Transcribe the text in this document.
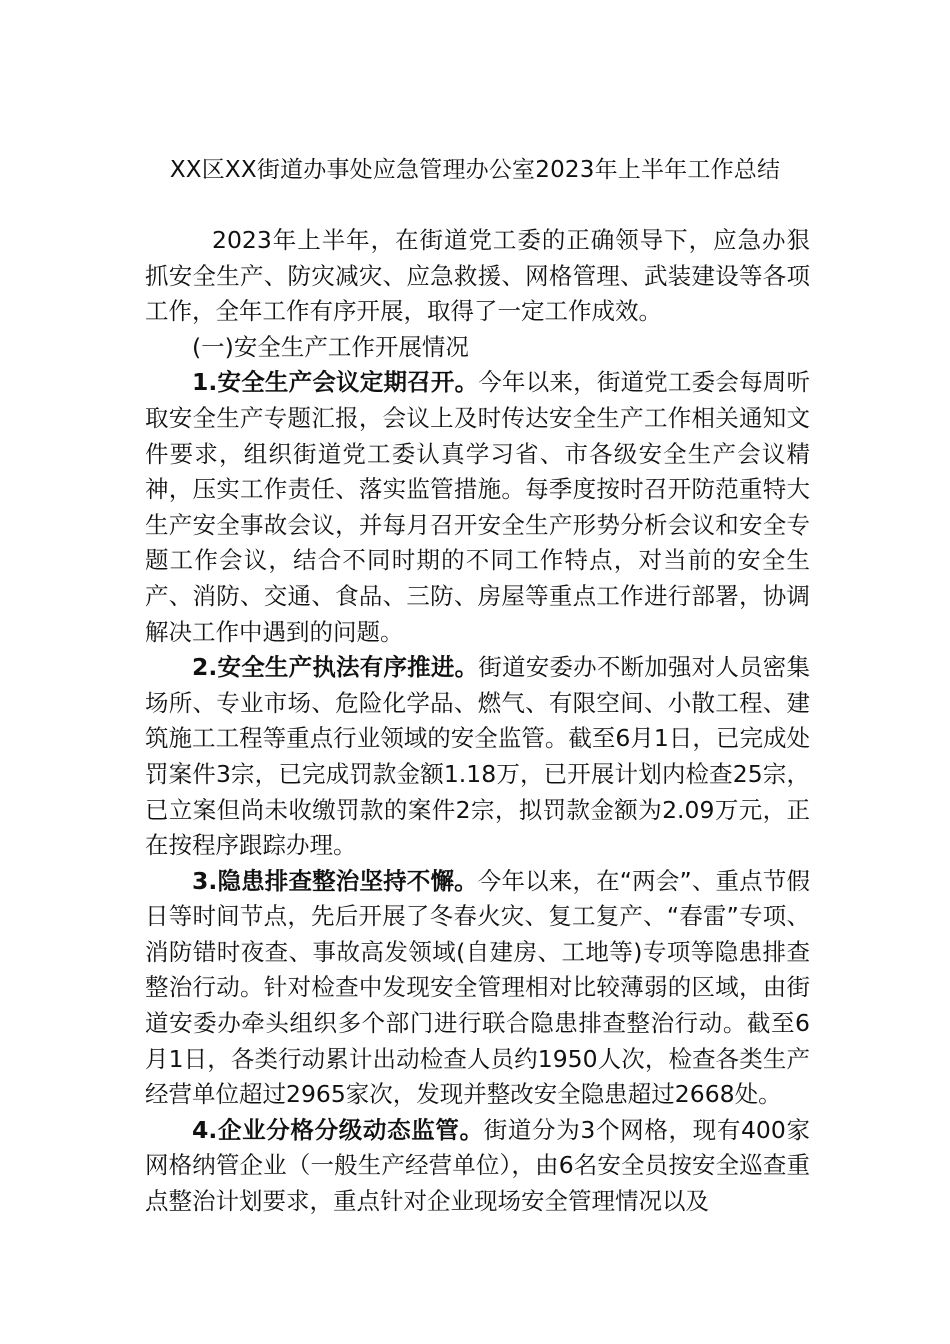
XX区XX街道办事处应急管理办公室2023年上半年工作总结

2023年上半年，在街道党工委的正确领导下，应急办狠抓安全生产、防灾减灾、应急救援、网格管理、武装建设等各项工作，全年工作有序开展，取得了一定工作成效。

(一)安全生产工作开展情况

1.安全生产会议定期召开。今年以来，街道党工委会每周听取安全生产专题汇报，会议上及时传达安全生产工作相关通知文件要求，组织街道党工委认真学习省、市各级安全生产会议精神，压实工作责任、落实监管措施。每季度按时召开防范重特大生产安全事故会议，并每月召开安全生产形势分析会议和安全专题工作会议，结合不同时期的不同工作特点，对当前的安全生产、消防、交通、食品、三防、房屋等重点工作进行部署，协调解决工作中遇到的问题。

2.安全生产执法有序推进。街道安委办不断加强对人员密集场所、专业市场、危险化学品、燃气、有限空间、小散工程、建筑施工工程等重点行业领域的安全监管。截至6月1日，已完成处罚案件3宗，已完成罚款金额1.18万，已开展计划内检查25宗，已立案但尚未收缴罚款的案件2宗，拟罚款金额为2.09万元，正在按程序跟踪办理。

3.隐患排查整治坚持不懈。今年以来，在“两会”、重点节假日等时间节点，先后开展了冬春火灾、复工复产、“春雷”专项、消防错时夜查、事故高发领域(自建房、工地等)专项等隐患排查整治行动。针对检查中发现安全管理相对比较薄弱的区域，由街道安委办牵头组织多个部门进行联合隐患排查整治行动。截至6月1日，各类行动累计出动检查人员约1950人次，检查各类生产经营单位超过2965家次，发现并整改安全隐患超过2668处。

4.企业分格分级动态监管。街道分为3个网格，现有400家网格纳管企业（一般生产经营单位），由6名安全员按安全巡查重点整治计划要求，重点针对企业现场安全管理情况以及
